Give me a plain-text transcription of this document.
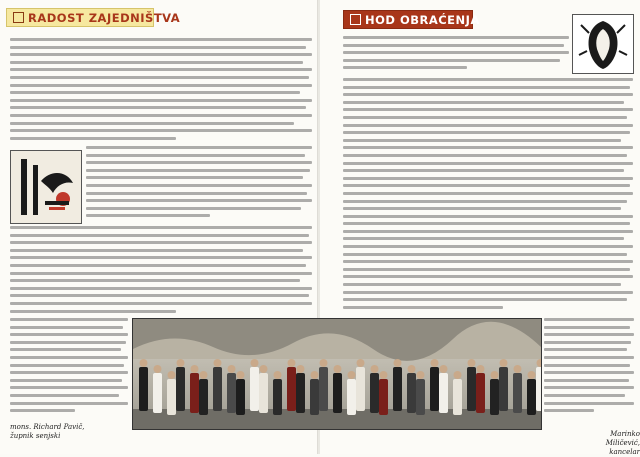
RADOST ZAJEDNIŠTVA
mons. Richard Pavič,
župnik senjski
HOD OBRAĆENJA
Marinko Miličević,
kancelar
